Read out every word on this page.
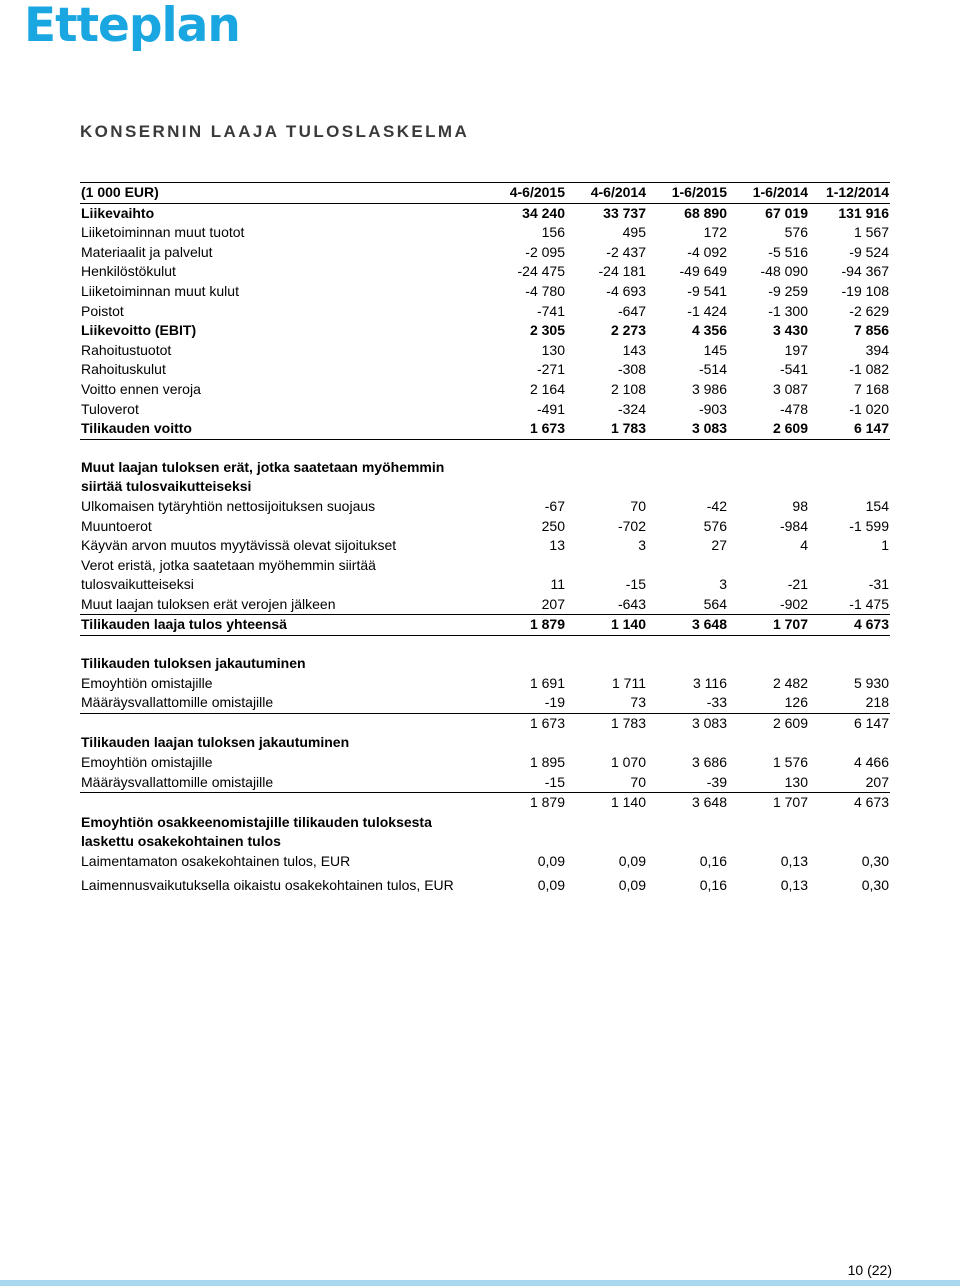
Etteplan
KONSERNIN LAAJA TULOSLASKELMA
(1 000 EUR)	4-6/2015	4-6/2014	1-6/2015	1-6/2014	1-12/2014
Liikevaihto	34 240	33 737	68 890	67 019	131 916
Liiketoiminnan muut tuotot	156	495	172	576	1 567
Materiaalit ja palvelut	-2 095	-2 437	-4 092	-5 516	-9 524
Henkilöstökulut	-24 475	-24 181	-49 649	-48 090	-94 367
Liiketoiminnan muut kulut	-4 780	-4 693	-9 541	-9 259	-19 108
Poistot	-741	-647	-1 424	-1 300	-2 629
Liikevoitto (EBIT)	2 305	2 273	4 356	3 430	7 856
Rahoitustuotot	130	143	145	197	394
Rahoituskulut	-271	-308	-514	-541	-1 082
Voitto ennen veroja	2 164	2 108	3 986	3 087	7 168
Tuloverot	-491	-324	-903	-478	-1 020
Tilikauden voitto	1 673	1 783	3 083	2 609	6 147

Muut laajan tuloksen erät, jotka saatetaan myöhemmin					
siirtää tulosvaikutteiseksi					
Ulkomaisen tytäryhtiön nettosijoituksen suojaus	-67	70	-42	98	154
Muuntoerot	250	-702	576	-984	-1 599
Käyvän arvon muutos myytävissä olevat sijoitukset	13	3	27	4	1
Verot eristä, jotka saatetaan myöhemmin siirtää					
tulosvaikutteiseksi	11	-15	3	-21	-31
Muut laajan tuloksen erät verojen jälkeen	207	-643	564	-902	-1 475
Tilikauden laaja tulos yhteensä	1 879	1 140	3 648	1 707	4 673

Tilikauden tuloksen jakautuminen					
Emoyhtiön omistajille	1 691	1 711	3 116	2 482	5 930
Määräysvallattomille omistajille	-19	73	-33	126	218
	1 673	1 783	3 083	2 609	6 147
Tilikauden laajan tuloksen jakautuminen					
Emoyhtiön omistajille	1 895	1 070	3 686	1 576	4 466
Määräysvallattomille omistajille	-15	70	-39	130	207
	1 879	1 140	3 648	1 707	4 673
Emoyhtiön osakkeenomistajille tilikauden tuloksesta					
laskettu osakekohtainen tulos					
Laimentamaton osakekohtainen tulos, EUR	0,09	0,09	0,16	0,13	0,30

Laimennusvaikutuksella oikaistu osakekohtainen tulos, EUR	0,09	0,09	0,16	0,13	0,30
10 (22)
